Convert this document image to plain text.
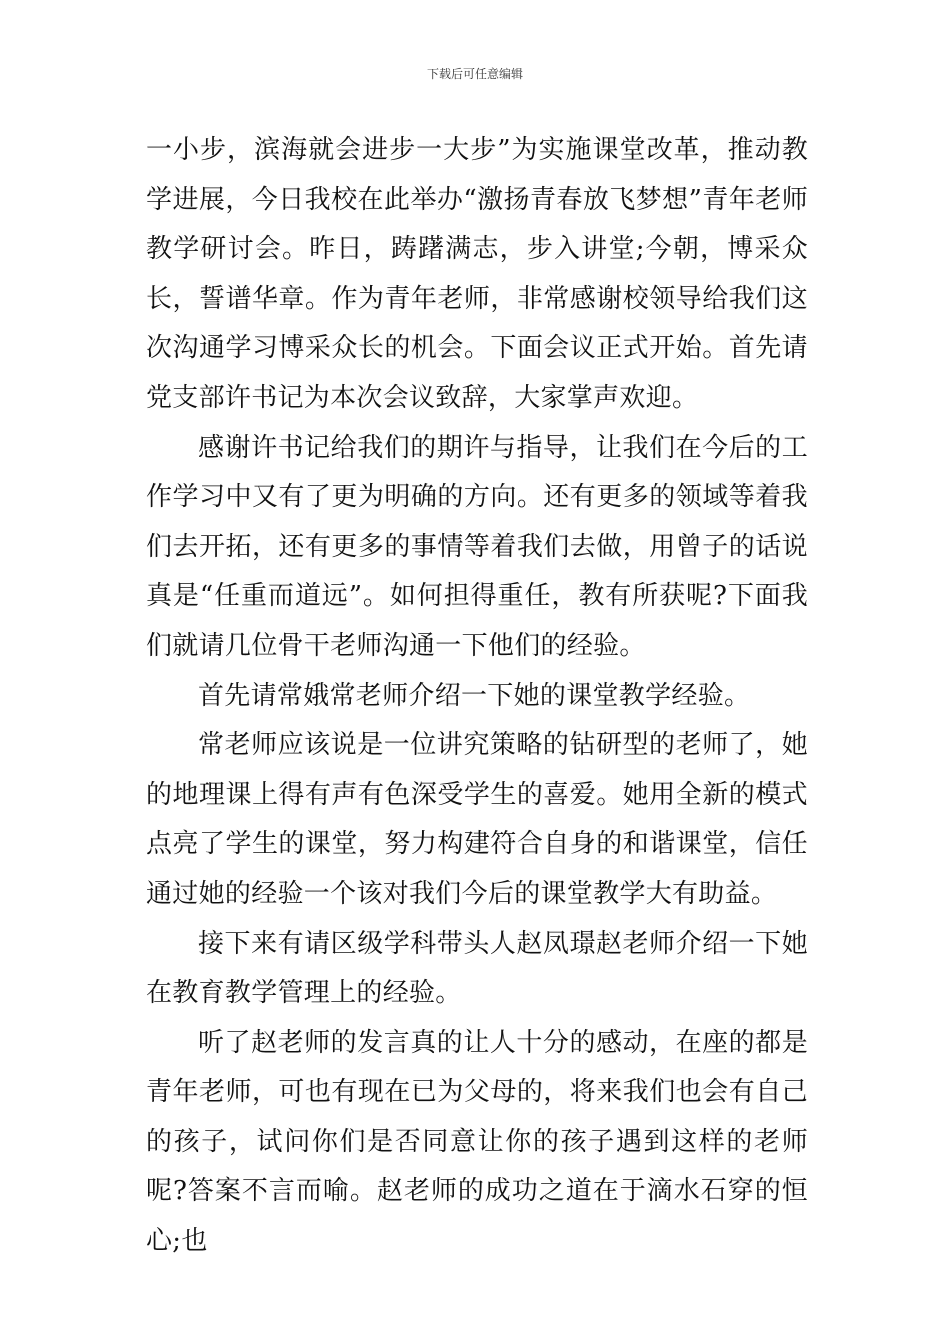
下载后可任意编辑

一小步，滨海就会进步一大步”为实施课堂改革，推动教学进展，今日我校在此举办“激扬青春放飞梦想”青年老师教学研讨会。昨日，踌躇满志，步入讲堂;今朝，博采众长，誓谱华章。作为青年老师，非常感谢校领导给我们这次沟通学习博采众长的机会。下面会议正式开始。首先请党支部许书记为本次会议致辞，大家掌声欢迎。

感谢许书记给我们的期许与指导，让我们在今后的工作学习中又有了更为明确的方向。还有更多的领域等着我们去开拓，还有更多的事情等着我们去做，用曾子的话说真是“任重而道远”。如何担得重任，教有所获呢?下面我们就请几位骨干老师沟通一下他们的经验。

首先请常娥常老师介绍一下她的课堂教学经验。

常老师应该说是一位讲究策略的钻研型的老师了，她的地理课上得有声有色深受学生的喜爱。她用全新的模式点亮了学生的课堂，努力构建符合自身的和谐课堂，信任通过她的经验一个该对我们今后的课堂教学大有助益。

接下来有请区级学科带头人赵凤璟赵老师介绍一下她在教育教学管理上的经验。

听了赵老师的发言真的让人十分的感动，在座的都是青年老师，可也有现在已为父母的，将来我们也会有自己的孩子，试问你们是否同意让你的孩子遇到这样的老师呢?答案不言而喻。赵老师的成功之道在于滴水石穿的恒心;也
